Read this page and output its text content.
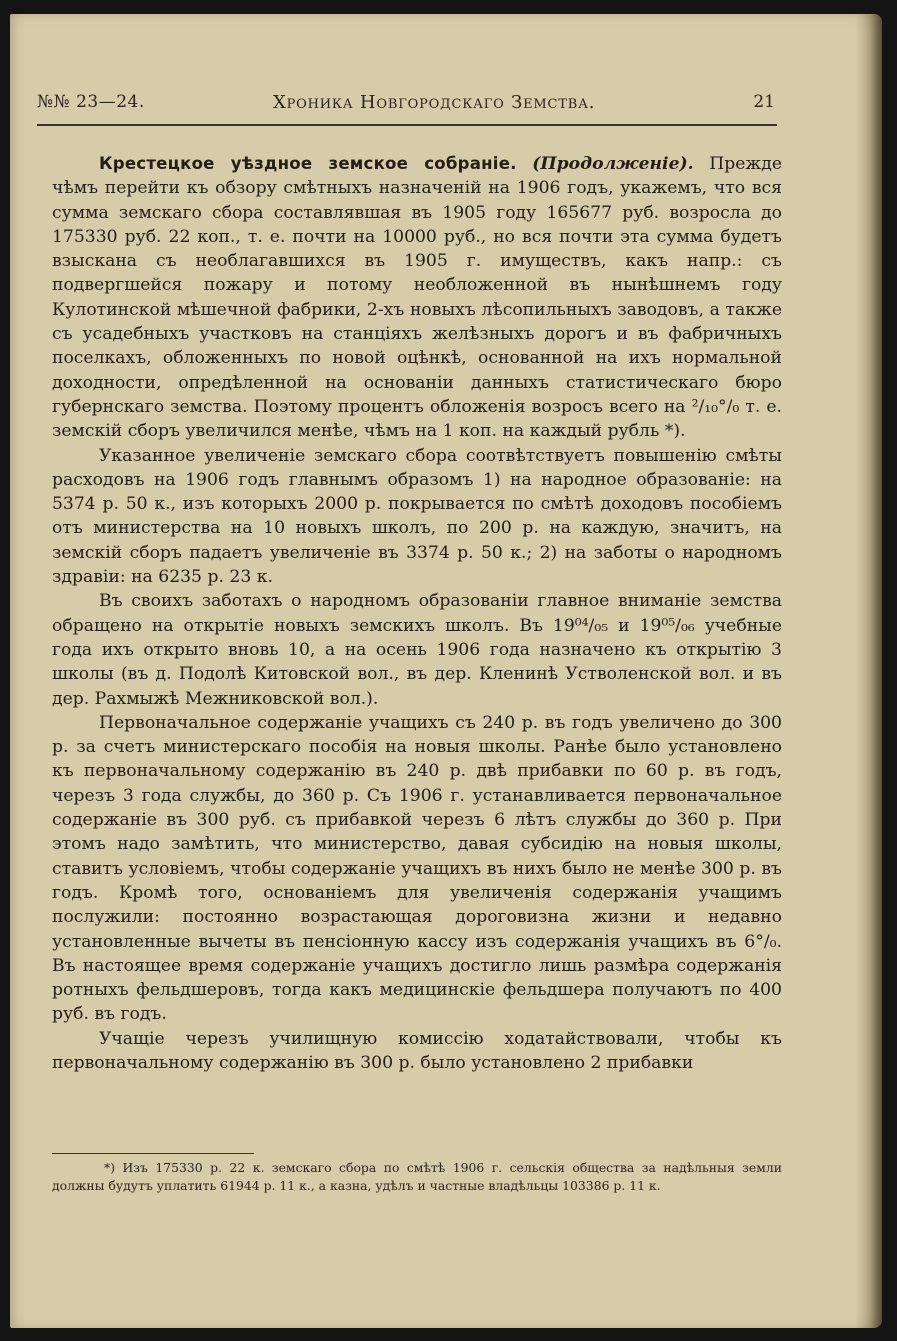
№№ 23—24.	Хроника Новгородскаго Земства.	21

Крестецкое уѣздное земское собраніе. (Продолженіе). Прежде чѣмъ перейти къ обзору смѣтныхъ назначеній на 1906 годъ, укажемъ, что вся сумма земскаго сбора составлявшая въ 1905 году 165677 руб. возросла до 175330 руб. 22 коп., т. е. почти на 10000 руб., но вся почти эта сумма будетъ взыскана съ необлагавшихся въ 1905 г. имуществъ, какъ напр.: съ подвергшейся пожару и потому необложенной въ нынѣшнемъ году Кулотинской мѣшечной фабрики, 2-хъ новыхъ лѣсопильныхъ заводовъ, а также съ усадебныхъ участковъ на станціяхъ желѣзныхъ дорогъ и въ фабричныхъ поселкахъ, обложенныхъ по новой оцѣнкѣ, основанной на ихъ нормальной доходности, опредѣленной на основаніи данныхъ статистическаго бюро губернскаго земства. Поэтому процентъ обложенія возросъ всего на ²/₁₀°/₀ т. е. земскій сборъ увеличился менѣе, чѣмъ на 1 коп. на каждый рубль *).

Указанное увеличеніе земскаго сбора соотвѣтствуетъ повышенію смѣты расходовъ на 1906 годъ главнымъ образомъ 1) на народное образованіе: на 5374 р. 50 к., изъ которыхъ 2000 р. покрывается по смѣтѣ доходовъ пособіемъ отъ министерства на 10 новыхъ школъ, по 200 р. на каждую, значитъ, на земскій сборъ падаетъ увеличеніе въ 3374 р. 50 к.; 2) на заботы о народномъ здравіи: на 6235 р. 23 к.

Въ своихъ заботахъ о народномъ образованіи главное вниманіе земства обращено на открытіе новыхъ земскихъ школъ. Въ 19⁰⁴/₀₅ и 19⁰⁵/₀₆ учебные года ихъ открыто вновь 10, а на осень 1906 года назначено къ открытію 3 школы (въ д. Подолѣ Китовской вол., въ дер. Кленинѣ Устволенской вол. и въ дер. Рахмыжѣ Межниковской вол.).

Первоначальное содержаніе учащихъ съ 240 р. въ годъ увеличено до 300 р. за счетъ министерскаго пособія на новыя школы. Ранѣе было установлено къ первоначальному содержанію въ 240 р. двѣ прибавки по 60 р. въ годъ, черезъ 3 года службы, до 360 р. Съ 1906 г. устанавливается первоначальное содержаніе въ 300 руб. съ прибавкой черезъ 6 лѣтъ службы до 360 р. При этомъ надо замѣтить, что министерство, давая субсидію на новыя школы, ставитъ условіемъ, чтобы содержаніе учащихъ въ нихъ было не менѣе 300 р. въ годъ. Кромѣ того, основаніемъ для увеличенія содержанія учащимъ послужили: постоянно возрастающая дороговизна жизни и недавно установленные вычеты въ пенсіонную кассу изъ содержанія учащихъ въ 6°/₀. Въ настоящее время содержаніе учащихъ достигло лишь размѣра содержанія ротныхъ фельдшеровъ, тогда какъ медицинскіе фельдшера получаютъ по 400 руб. въ годъ.

Учащіе черезъ училищную комиссію ходатайствовали, чтобы къ первоначальному содержанію въ 300 р. было установлено 2 прибавки

*) Изъ 175330 р. 22 к. земскаго сбора по смѣтѣ 1906 г. сельскія общества за надѣльныя земли должны будутъ уплатить 61944 р. 11 к., а казна, удѣлъ и частные владѣльцы 103386 р. 11 к.
